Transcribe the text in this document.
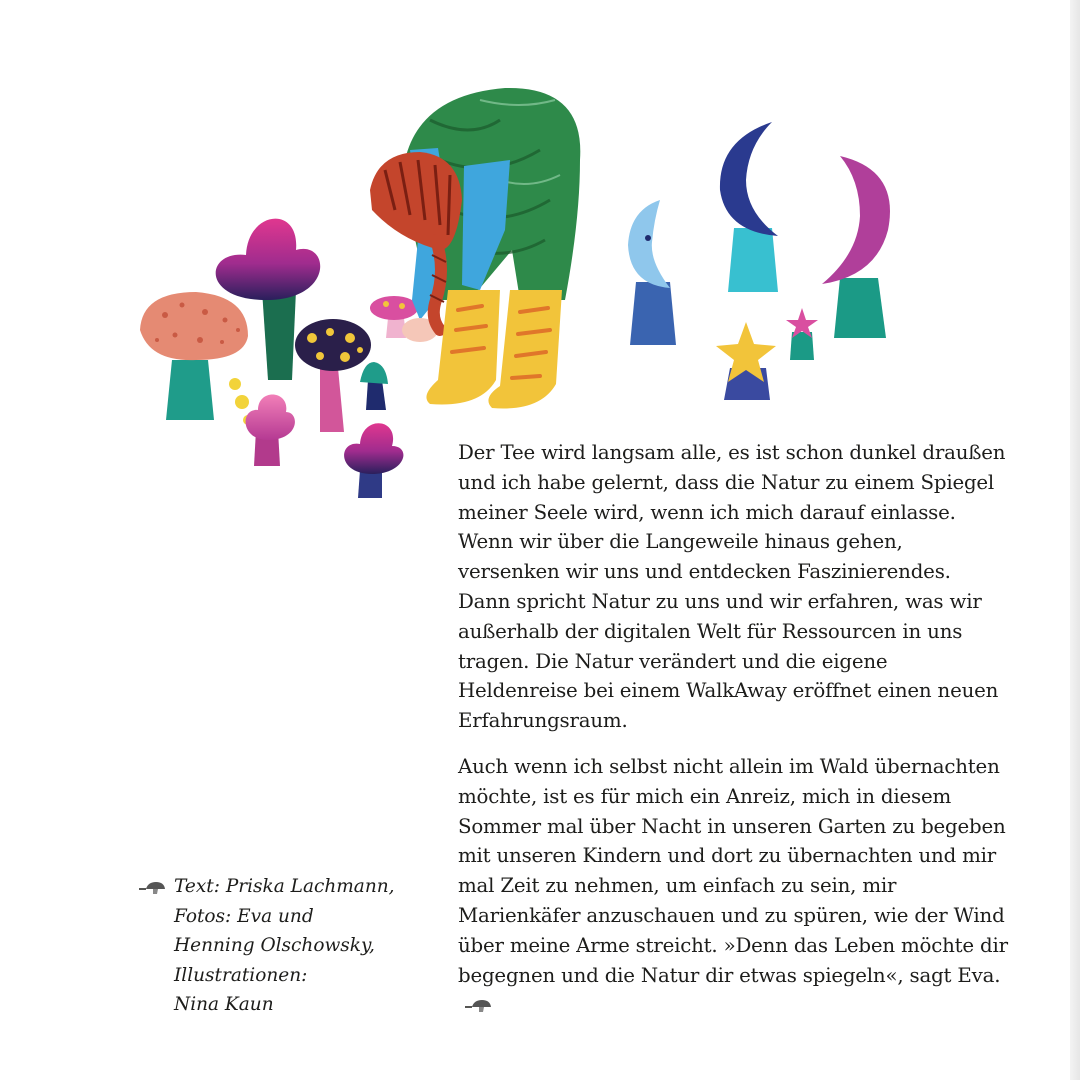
Der Tee wird langsam alle, es ist schon dunkel draußen und ich habe gelernt, dass die Natur zu einem Spiegel meiner Seele wird, wenn ich mich darauf einlasse. Wenn wir über die Langeweile hinaus gehen, versenken wir uns und entdecken Faszinierendes. Dann spricht Natur zu uns und wir erfahren, was wir außerhalb der digitalen Welt für Ressourcen in uns tragen. Die Natur verändert und die eigene Heldenreise bei einem WalkAway eröffnet einen neuen Erfahrungsraum.

Auch wenn ich selbst nicht allein im Wald übernachten möchte, ist es für mich ein Anreiz, mich in diesem Sommer mal über Nacht in unseren Garten zu begeben mit unseren Kindern und dort zu übernachten und mir mal Zeit zu nehmen, um einfach zu sein, mir Marienkäfer anzuschauen und zu spüren, wie der Wind über meine Arme streicht. »Denn das Leben möchte dir begegnen und die Natur dir etwas spiegeln«, sagt Eva.

Text: Priska Lachmann,
Fotos: Eva und
Henning Olschowsky,
Illustrationen:
Nina Kaun
